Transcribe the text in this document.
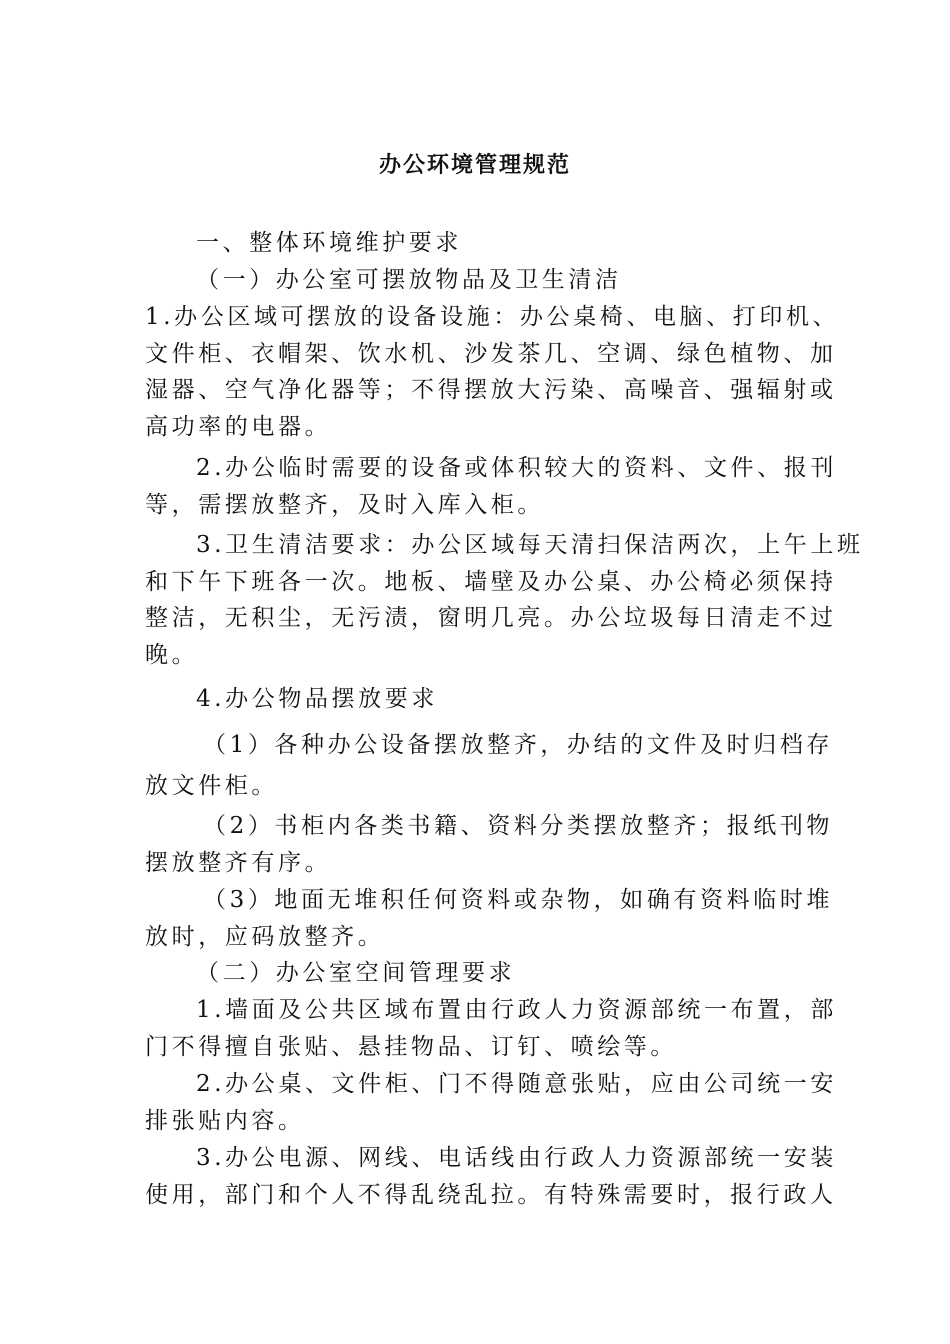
办公环境管理规范
一、整体环境维护要求
（一）办公室可摆放物品及卫生清洁
1.办公区域可摆放的设备设施：办公桌椅、电脑、打印机、
文件柜、衣帽架、饮水机、沙发茶几、空调、绿色植物、加
湿器、空气净化器等；不得摆放大污染、高噪音、强辐射或
高功率的电器。
2.办公临时需要的设备或体积较大的资料、文件、报刊
等，需摆放整齐，及时入库入柜。
3.卫生清洁要求：办公区域每天清扫保洁两次，上午上班
和下午下班各一次。地板、墙壁及办公桌、办公椅必须保持
整洁，无积尘，无污渍，窗明几亮。办公垃圾每日清走不过
晚。
4.办公物品摆放要求
（1）各种办公设备摆放整齐，办结的文件及时归档存
放文件柜。
（2）书柜内各类书籍、资料分类摆放整齐；报纸刊物
摆放整齐有序。
（3）地面无堆积任何资料或杂物，如确有资料临时堆
放时，应码放整齐。
（二）办公室空间管理要求
1.墙面及公共区域布置由行政人力资源部统一布置，部
门不得擅自张贴、悬挂物品、订钉、喷绘等。
2.办公桌、文件柜、门不得随意张贴，应由公司统一安
排张贴内容。
3.办公电源、网线、电话线由行政人力资源部统一安装
使用，部门和个人不得乱绕乱拉。有特殊需要时，报行政人
